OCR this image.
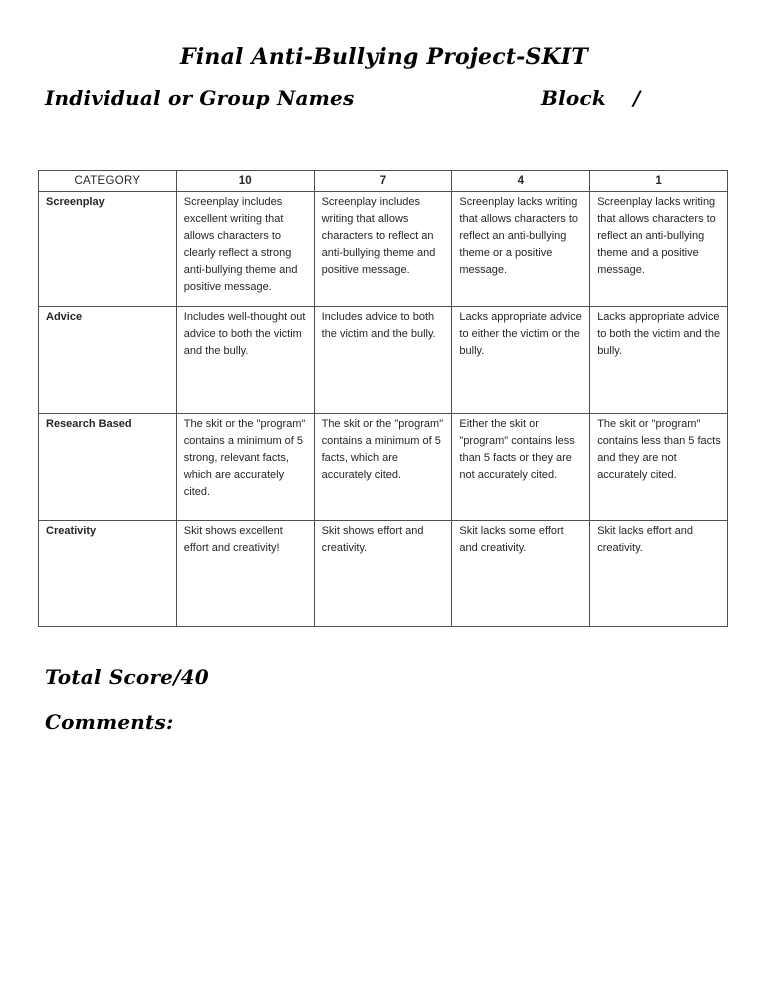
Final Anti-Bullying Project-SKIT
Individual or Group Names	Block /
CATEGORY	10	7	4	1
Screenplay	Screenplay includes excellent writing that allows characters to clearly reflect a strong anti-bullying theme and positive message.	Screenplay includes writing that allows characters to reflect an anti-bullying theme and positive message.	Screenplay lacks writing that allows characters to reflect an anti-bullying theme or a positive message.	Screenplay lacks writing that allows characters to reflect an anti-bullying theme and a positive message.
Advice	Includes well-thought out advice to both the victim and the bully.	Includes advice to both the victim and the bully.	Lacks appropriate advice to either the victim or the bully.	Lacks appropriate advice to both the victim and the bully.
Research Based	The skit or the "program" contains a minimum of 5 strong, relevant facts, which are accurately cited.	The skit or the "program" contains a minimum of 5 facts, which are accurately cited.	Either the skit or "program" contains less than 5 facts or they are not accurately cited.	The skit or "program" contains less than 5 facts and they are not accurately cited.
Creativity	Skit shows excellent effort and creativity!	Skit shows effort and creativity.	Skit lacks some effort and creativity.	Skit lacks effort and creativity.
Total Score/40
Comments:
